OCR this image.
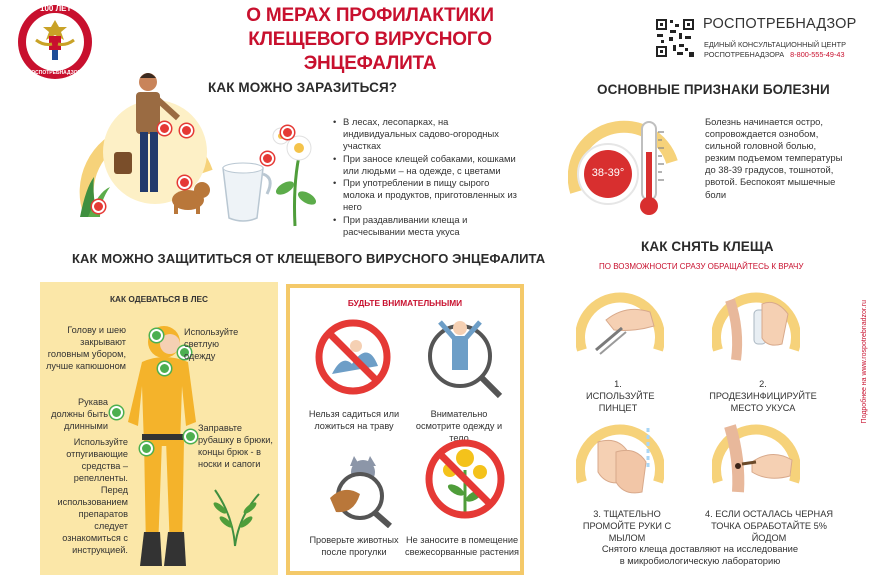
100 ЛЕТ
РОСПОТРЕБНАДЗОР
О МЕРАХ ПРОФИЛАКТИКИ
КЛЕЩЕВОГО ВИРУСНОГО ЭНЦЕФАЛИТА
РОСПОТРЕБНАДЗОР
ЕДИНЫЙ КОНСУЛЬТАЦИОННЫЙ ЦЕНТР
РОСПОТРЕБНАДЗОРА 8-800-555-49-43
КАК МОЖНО ЗАРАЗИТЬСЯ?
• В лесах, лесопарках, на индивидуальных садово-огородных участках
• При заносе клещей собаками, кошками или людьми – на одежде, с цветами
• При употреблении в пищу сырого молока и продуктов, приготовленных из него
• При раздавливании клеща и расчесывании места укуса
ОСНОВНЫЕ ПРИЗНАКИ БОЛЕЗНИ
38-39°
Болезнь начинается остро, сопровождается ознобом, сильной головной болью, резким подъемом температуры до 38-39 градусов, тошнотой, рвотой. Беспокоят мышечные боли
КАК СНЯТЬ КЛЕЩА
ПО ВОЗМОЖНОСТИ СРАЗУ ОБРАЩАЙТЕСЬ К ВРАЧУ
1. ИСПОЛЬЗУЙТЕ ПИНЦЕТ
2. ПРОДЕЗИНФИЦИРУЙТЕ МЕСТО УКУСА
3. ТЩАТЕЛЬНО ПРОМОЙТЕ РУКИ С МЫЛОМ
4. ЕСЛИ ОСТАЛАСЬ ЧЕРНАЯ ТОЧКА ОБРАБОТАЙТЕ 5% ЙОДОМ
Снятого клеща доставляют на исследование в микробиологическую лабораторию
КАК МОЖНО ЗАЩИТИТЬСЯ ОТ КЛЕЩЕВОГО ВИРУСНОГО ЭНЦЕФАЛИТА
КАК ОДЕВАТЬСЯ В ЛЕС
Голову и шею закрывают головным убором, лучше капюшоном
Используйте светлую одежду
Рукава должны быть длинными	Заправьте рубашку в брюки, концы брюк - в носки и сапоги
Используйте отпугивающие средства – репелленты. Перед использованием препаратов следует ознакомиться с инструкцией.
БУДЬТЕ ВНИМАТЕЛЬНЫМИ
Нельзя садиться или ложиться на траву
Внимательно осмотрите одежду и тело
Проверьте животных после прогулки
Не заносите в помещение свежесорванные растения
Подробнее на www.rospotrebnadzor.ru
